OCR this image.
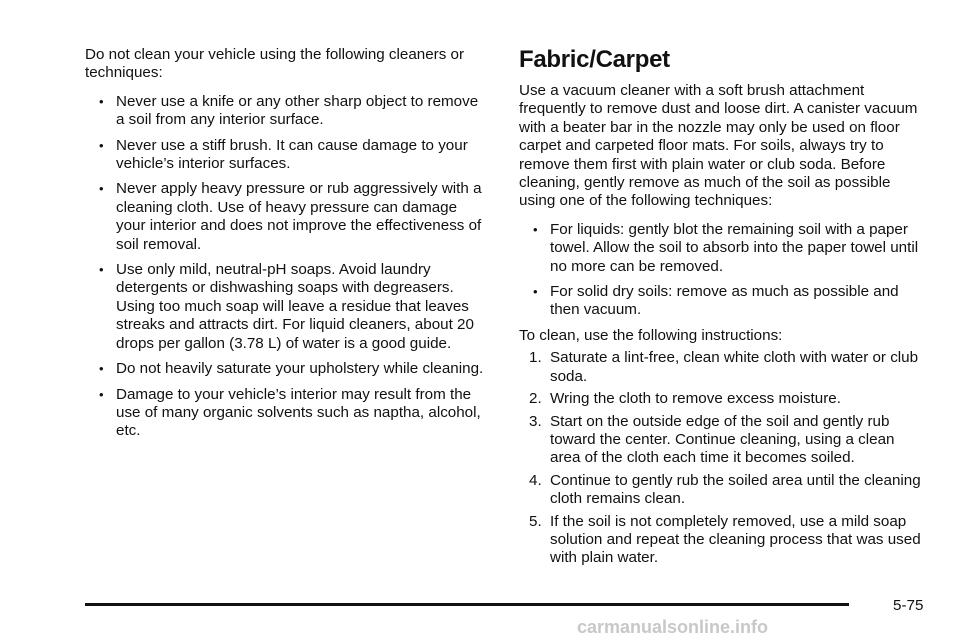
Do not clean your vehicle using the following cleaners or techniques:

• Never use a knife or any other sharp object to remove a soil from any interior surface.
• Never use a stiff brush. It can cause damage to your vehicle’s interior surfaces.
• Never apply heavy pressure or rub aggressively with a cleaning cloth. Use of heavy pressure can damage your interior and does not improve the effectiveness of soil removal.
• Use only mild, neutral-pH soaps. Avoid laundry detergents or dishwashing soaps with degreasers. Using too much soap will leave a residue that leaves streaks and attracts dirt. For liquid cleaners, about 20 drops per gallon (3.78 L) of water is a good guide.
• Do not heavily saturate your upholstery while cleaning.
• Damage to your vehicle’s interior may result from the use of many organic solvents such as naptha, alcohol, etc.
Fabric/Carpet

Use a vacuum cleaner with a soft brush attachment frequently to remove dust and loose dirt. A canister vacuum with a beater bar in the nozzle may only be used on floor carpet and carpeted floor mats. For soils, always try to remove them first with plain water or club soda. Before cleaning, gently remove as much of the soil as possible using one of the following techniques:

• For liquids: gently blot the remaining soil with a paper towel. Allow the soil to absorb into the paper towel until no more can be removed.
• For solid dry soils: remove as much as possible and then vacuum.

To clean, use the following instructions:

1. Saturate a lint-free, clean white cloth with water or club soda.
2. Wring the cloth to remove excess moisture.
3. Start on the outside edge of the soil and gently rub toward the center. Continue cleaning, using a clean area of the cloth each time it becomes soiled.
4. Continue to gently rub the soiled area until the cleaning cloth remains clean.
5. If the soil is not completely removed, use a mild soap solution and repeat the cleaning process that was used with plain water.
5-75
carmanualsonline.info
